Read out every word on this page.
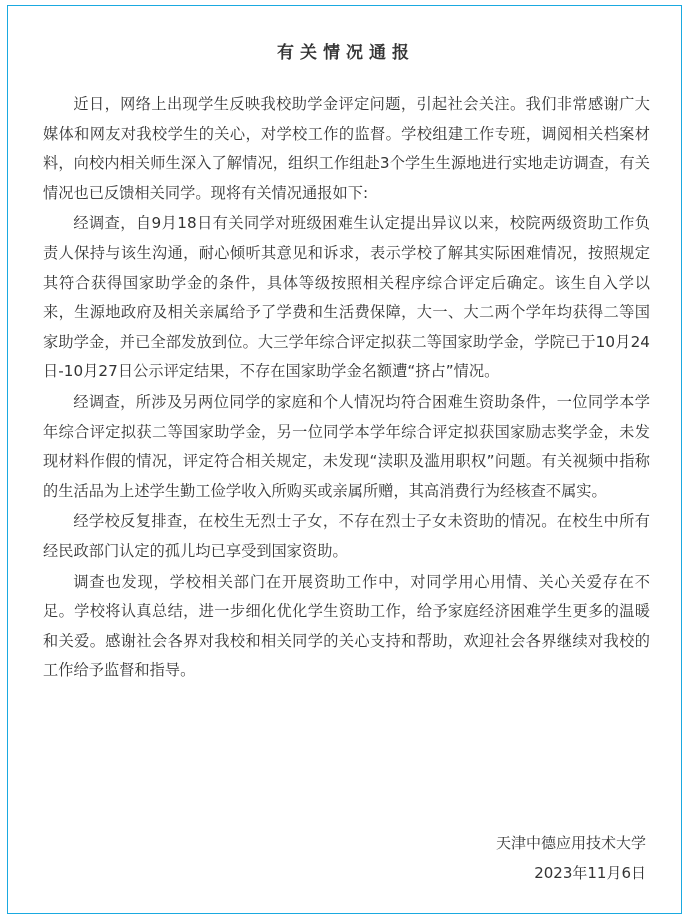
有关情况通报

近日，网络上出现学生反映我校助学金评定问题，引起社会关注。我们非常感谢广大媒体和网友对我校学生的关心，对学校工作的监督。学校组建工作专班，调阅相关档案材料，向校内相关师生深入了解情况，组织工作组赴3个学生生源地进行实地走访调查，有关情况也已反馈相关同学。现将有关情况通报如下:

经调查，自9月18日有关同学对班级困难生认定提出异议以来，校院两级资助工作负责人保持与该生沟通，耐心倾听其意见和诉求，表示学校了解其实际困难情况，按照规定其符合获得国家助学金的条件，具体等级按照相关程序综合评定后确定。该生自入学以来，生源地政府及相关亲属给予了学费和生活费保障，大一、大二两个学年均获得二等国家助学金，并已全部发放到位。大三学年综合评定拟获二等国家助学金，学院已于10月24日-10月27日公示评定结果，不存在国家助学金名额遭“挤占”情况。

经调查，所涉及另两位同学的家庭和个人情况均符合困难生资助条件，一位同学本学年综合评定拟获二等国家助学金，另一位同学本学年综合评定拟获国家励志奖学金，未发现材料作假的情况，评定符合相关规定，未发现“渎职及滥用职权”问题。有关视频中指称的生活品为上述学生勤工俭学收入所购买或亲属所赠，其高消费行为经核查不属实。

经学校反复排查，在校生无烈士子女，不存在烈士子女未资助的情况。在校生中所有经民政部门认定的孤儿均已享受到国家资助。

调查也发现，学校相关部门在开展资助工作中，对同学用心用情、关心关爱存在不足。学校将认真总结，进一步细化优化学生资助工作，给予家庭经济困难学生更多的温暖和关爱。感谢社会各界对我校和相关同学的关心支持和帮助，欢迎社会各界继续对我校的工作给予监督和指导。

天津中德应用技术大学
2023年11月6日
